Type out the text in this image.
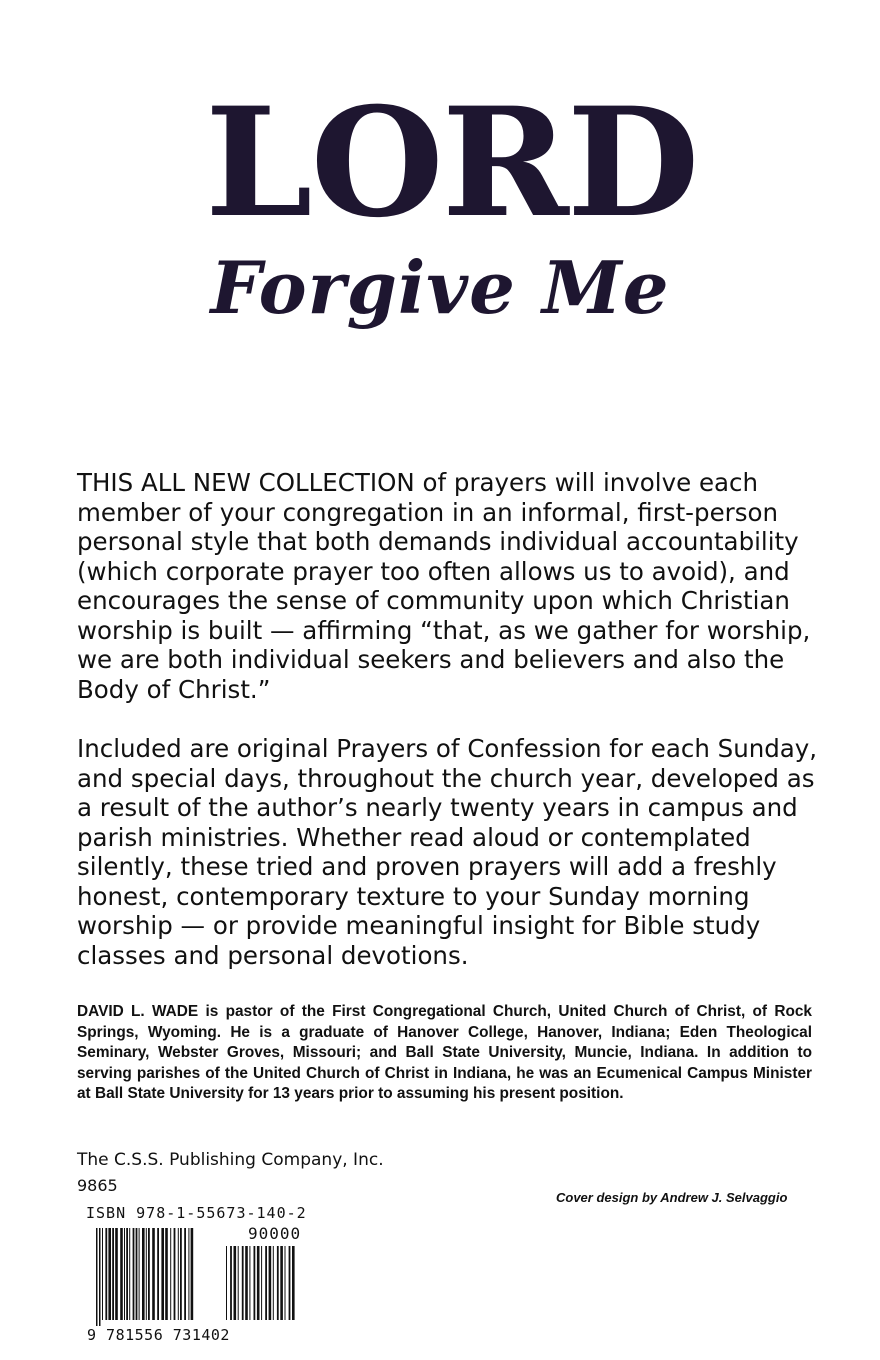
LORD
Forgive Me

THIS ALL NEW COLLECTION of prayers will involve each member of your congregation in an informal, first-person personal style that both demands individual accountability (which corporate prayer too often allows us to avoid), and encourages the sense of community upon which Christian worship is built — affirming “that, as we gather for worship, we are both individual seekers and believers and also the Body of Christ.”

Included are original Prayers of Confession for each Sunday, and special days, throughout the church year, developed as a result of the author’s nearly twenty years in campus and parish ministries. Whether read aloud or contemplated silently, these tried and proven prayers will add a freshly honest, contemporary texture to your Sunday morning worship — or provide meaningful insight for Bible study classes and personal devotions.

DAVID L. WADE is pastor of the First Congregational Church, United Church of Christ, of Rock Springs, Wyoming. He is a graduate of Hanover College, Hanover, Indiana; Eden Theological Seminary, Webster Groves, Missouri; and Ball State University, Muncie, Indiana. In addition to serving parishes of the United Church of Christ in Indiana, he was an Ecumenical Campus Minister at Ball State University for 13 years prior to assuming his present position.

The C.S.S. Publishing Company, Inc.
9865
Cover design by Andrew J. Selvaggio
ISBN 978-1-55673-140-2
90000
9 781556 731402
